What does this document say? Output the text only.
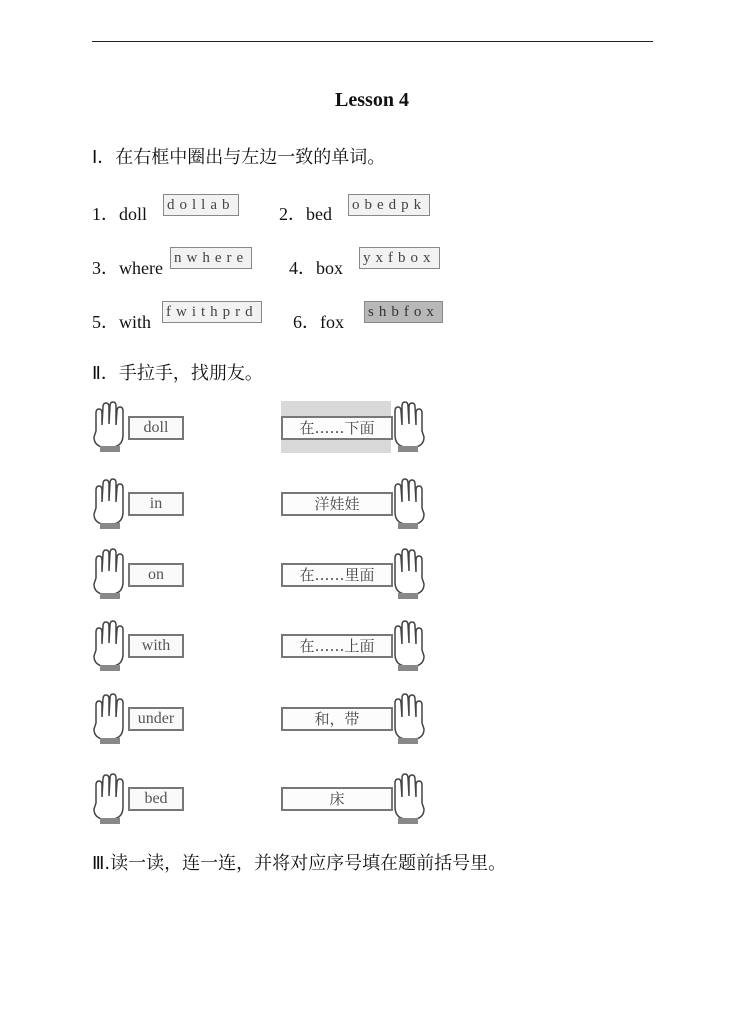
Lesson 4
Ⅰ．在右框中圈出与左边一致的单词。
1．doll dollab 2．bed obedpk
3．where nwhere 4．box yxfbox
5．with fwithprd 6．fox shbfox
Ⅱ．手拉手，找朋友。
doll	在……下面
in	洋娃娃
on	在……里面
with	在……上面
under	和，带
bed	床
Ⅲ.读一读，连一连，并将对应序号填在题前括号里。
